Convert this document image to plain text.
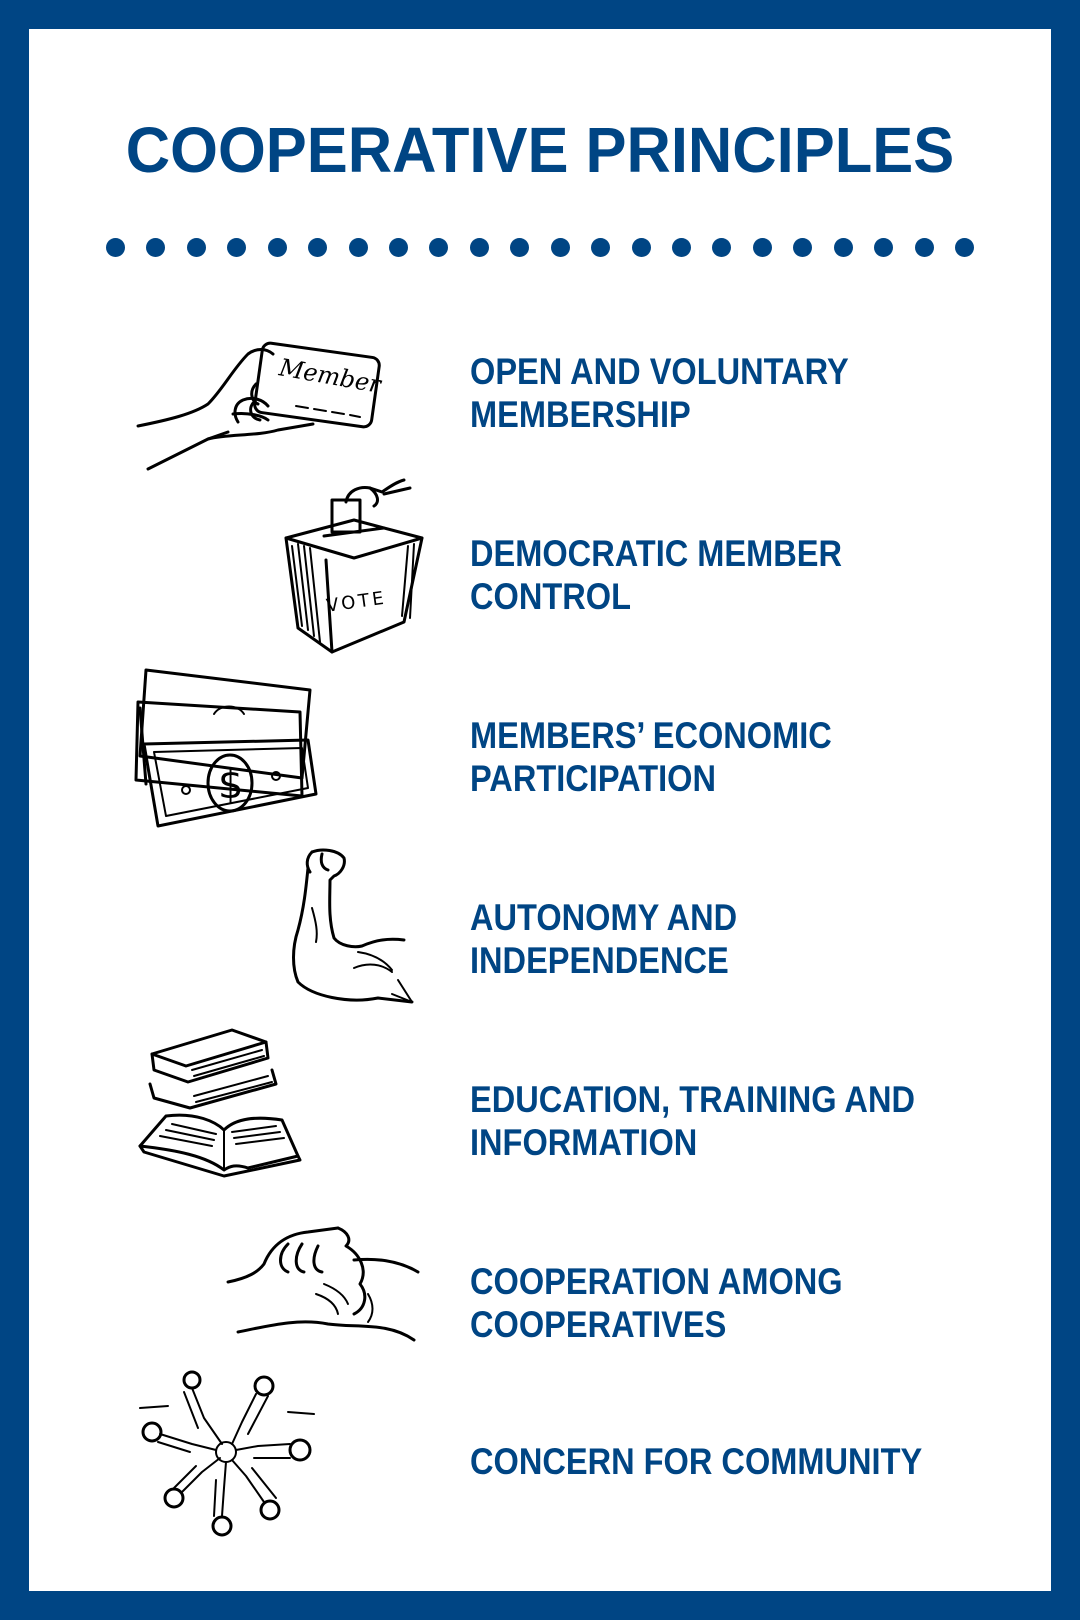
COOPERATIVE PRINCIPLES
Member OPEN AND VOLUNTARY
MEMBERSHIP
VOTE
DEMOCRATIC MEMBER
CONTROL
$
MEMBERS’ ECONOMIC
PARTICIPATION
AUTONOMY AND
INDEPENDENCE
EDUCATION, TRAINING AND
INFORMATION
COOPERATION AMONG
COOPERATIVES
CONCERN FOR COMMUNITY
